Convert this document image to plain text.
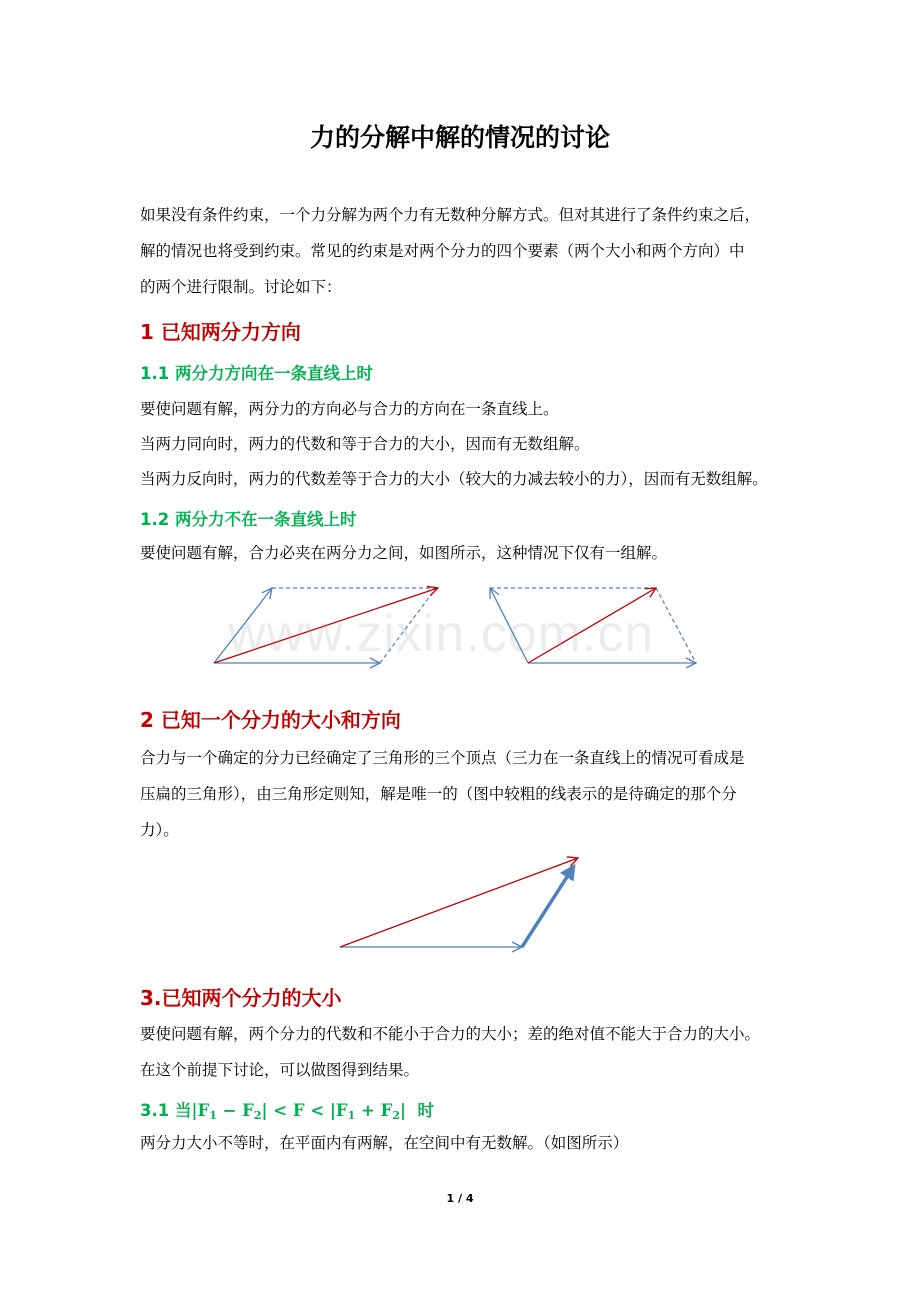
力的分解中解的情况的讨论
如果没有条件约束，一个力分解为两个力有无数种分解方式。但对其进行了条件约束之后，
解的情况也将受到约束。常见的约束是对两个分力的四个要素（两个大小和两个方向）中
的两个进行限制。讨论如下：
1 已知两分力方向
1.1 两分力方向在一条直线上时
要使问题有解，两分力的方向必与合力的方向在一条直线上。
当两力同向时，两力的代数和等于合力的大小，因而有无数组解。
当两力反向时，两力的代数差等于合力的大小（较大的力减去较小的力），因而有无数组解。
1.2 两分力不在一条直线上时
要使问题有解，合力必夹在两分力之间，如图所示，这种情况下仅有一组解。
www.zixin.com.cn
2 已知一个分力的大小和方向
合力与一个确定的分力已经确定了三角形的三个顶点（三力在一条直线上的情况可看成是
压扁的三角形），由三角形定则知，解是唯一的（图中较粗的线表示的是待确定的那个分
力）。
3.已知两个分力的大小
要使问题有解，两个分力的代数和不能小于合力的大小；差的绝对值不能大于合力的大小。
在这个前提下讨论，可以做图得到结果。
3.1 当$|F_1 - F_2| < F < |F_1 + F_2|$  时
两分力大小不等时，在平面内有两解，在空间中有无数解。（如图所示）
1 / 4
